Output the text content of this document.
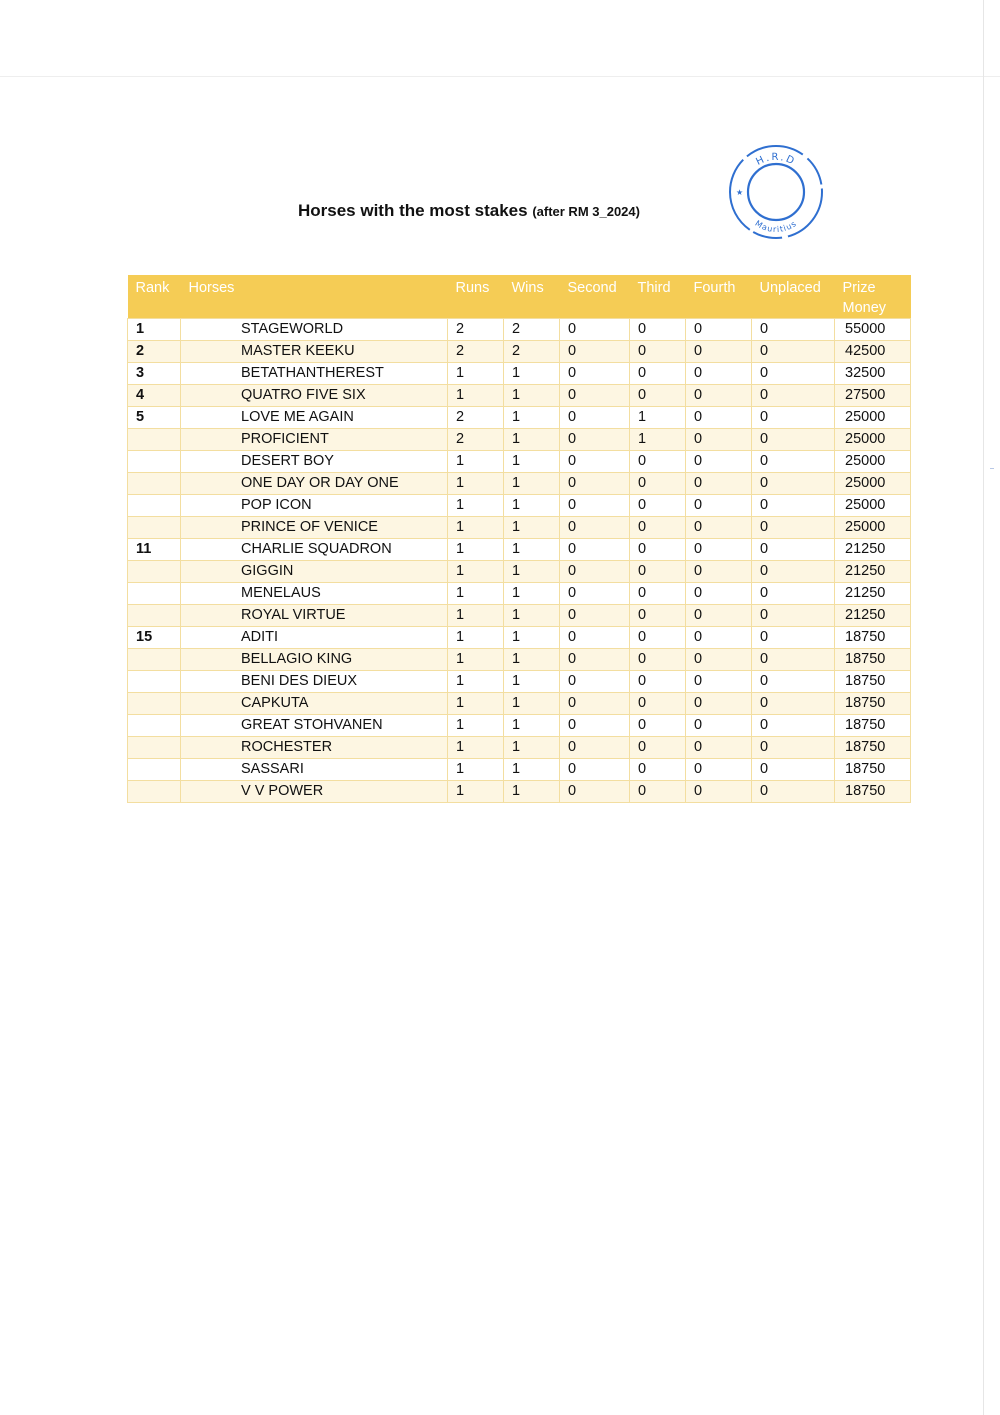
Horses with the most stakes (after RM 3_2024)
H.R.D
Mauritius
★
Rank	Horses	Runs	Wins	Second	Third	Fourth	Unplaced	Prize Money
1	STAGEWORLD	2	2	0	0	0	0	55000
2	MASTER KEEKU	2	2	0	0	0	0	42500
3	BETATHANTHEREST	1	1	0	0	0	0	32500
4	QUATRO FIVE SIX	1	1	0	0	0	0	27500
5	LOVE ME AGAIN	2	1	0	1	0	0	25000
	PROFICIENT	2	1	0	1	0	0	25000
	DESERT BOY	1	1	0	0	0	0	25000
	ONE DAY OR DAY ONE	1	1	0	0	0	0	25000
	POP ICON	1	1	0	0	0	0	25000
	PRINCE OF VENICE	1	1	0	0	0	0	25000
11	CHARLIE SQUADRON	1	1	0	0	0	0	21250
	GIGGIN	1	1	0	0	0	0	21250
	MENELAUS	1	1	0	0	0	0	21250
	ROYAL VIRTUE	1	1	0	0	0	0	21250
15	ADITI	1	1	0	0	0	0	18750
	BELLAGIO KING	1	1	0	0	0	0	18750
	BENI DES DIEUX	1	1	0	0	0	0	18750
	CAPKUTA	1	1	0	0	0	0	18750
	GREAT STOHVANEN	1	1	0	0	0	0	18750
	ROCHESTER	1	1	0	0	0	0	18750
	SASSARI	1	1	0	0	0	0	18750
	V V POWER	1	1	0	0	0	0	18750
